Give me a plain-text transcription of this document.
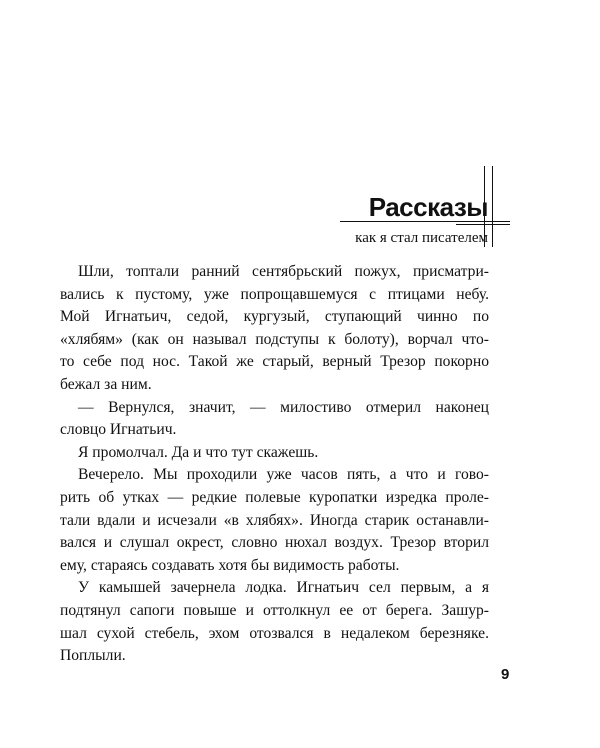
Рассказы
как я стал писателем
Шли, топтали ранний сентябрьский пожух, присматри-
вались к пустому, уже попрощавшемуся с птицами небу.
Мой Игнатьич, седой, кургузый, ступающий чинно по
«хлябям» (как он называл подступы к болоту), ворчал что-
то себе под нос. Такой же старый, верный Трезор покорно
бежал за ним.
— Вернулся, значит, — милостиво отмерил наконец
словцо Игнатьич.
Я промолчал. Да и что тут скажешь.
Вечерело. Мы проходили уже часов пять, а что и гово-
рить об утках — редкие полевые куропатки изредка проле-
тали вдали и исчезали «в хлябях». Иногда старик останавли-
вался и слушал окрест, словно нюхал воздух. Трезор вторил
ему, стараясь создавать хотя бы видимость работы.
У камышей зачернела лодка. Игнатьич сел первым, а я
подтянул сапоги повыше и оттолкнул ее от берега. Зашур-
шал сухой стебель, эхом отозвался в недалеком березняке.
Поплыли.
9
